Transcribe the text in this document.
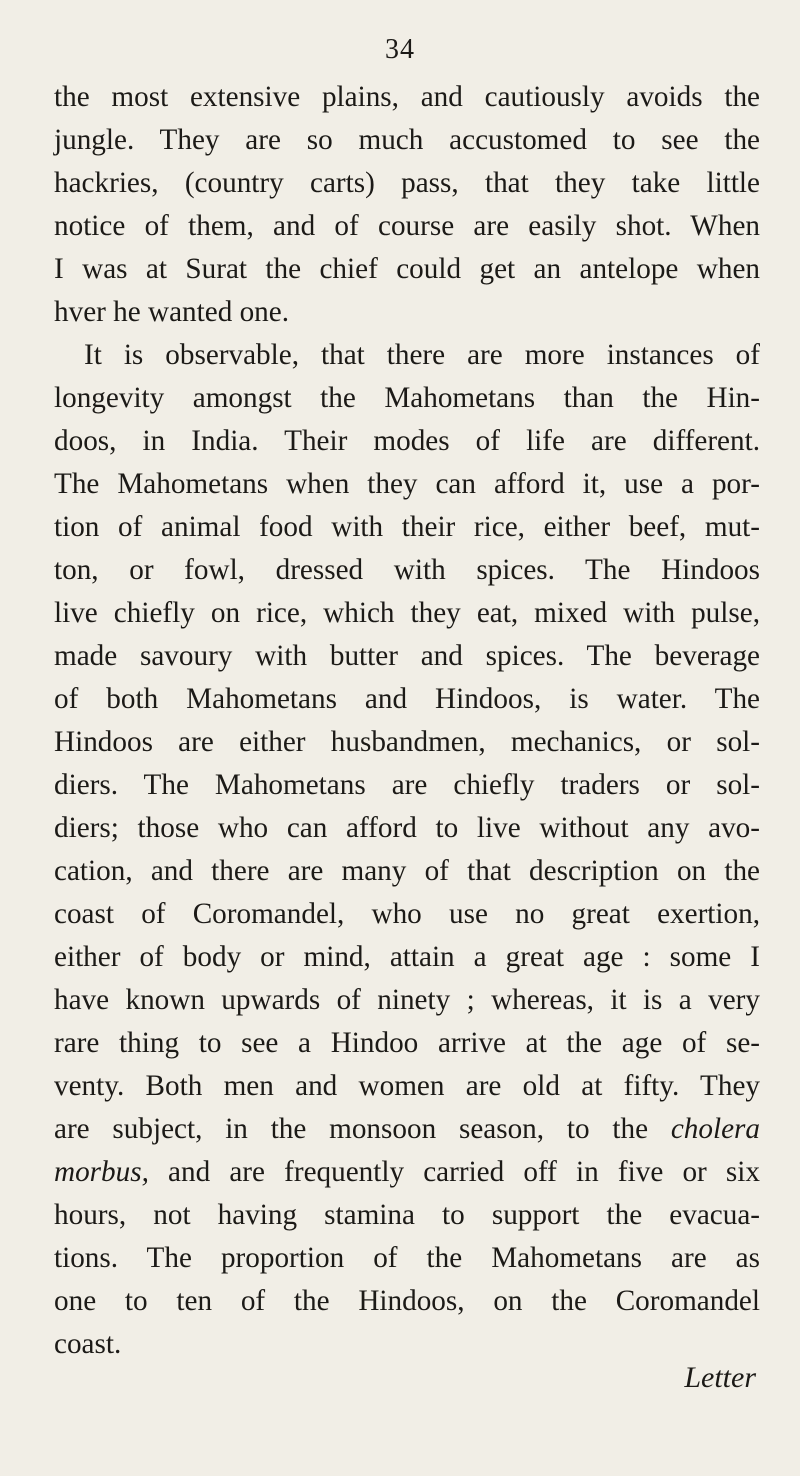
34
the most extensive plains, and cautiously avoids the
jungle. They are so much accustomed to see the
hackries, (country carts) pass, that they take little
notice of them, and of course are easily shot. When
I was at Surat the chief could get an antelope when
hver he wanted one.
It is observable, that there are more instances of
longevity amongst the Mahometans than the Hin-
doos, in India. Their modes of life are different.
The Mahometans when they can afford it, use a por-
tion of animal food with their rice, either beef, mut-
ton, or fowl, dressed with spices. The Hindoos
live chiefly on rice, which they eat, mixed with pulse,
made savoury with butter and spices. The beverage
of both Mahometans and Hindoos, is water. The
Hindoos are either husbandmen, mechanics, or sol-
diers. The Mahometans are chiefly traders or sol-
diers; those who can afford to live without any avo-
cation, and there are many of that description on the
coast of Coromandel, who use no great exertion,
either of body or mind, attain a great age : some I
have known upwards of ninety ; whereas, it is a very
rare thing to see a Hindoo arrive at the age of se-
venty. Both men and women are old at fifty. They
are subject, in the monsoon season, to the cholera
morbus, and are frequently carried off in five or six
hours, not having stamina to support the evacua-
tions. The proportion of the Mahometans are as
one to ten of the Hindoos, on the Coromandel
coast.
Letter
